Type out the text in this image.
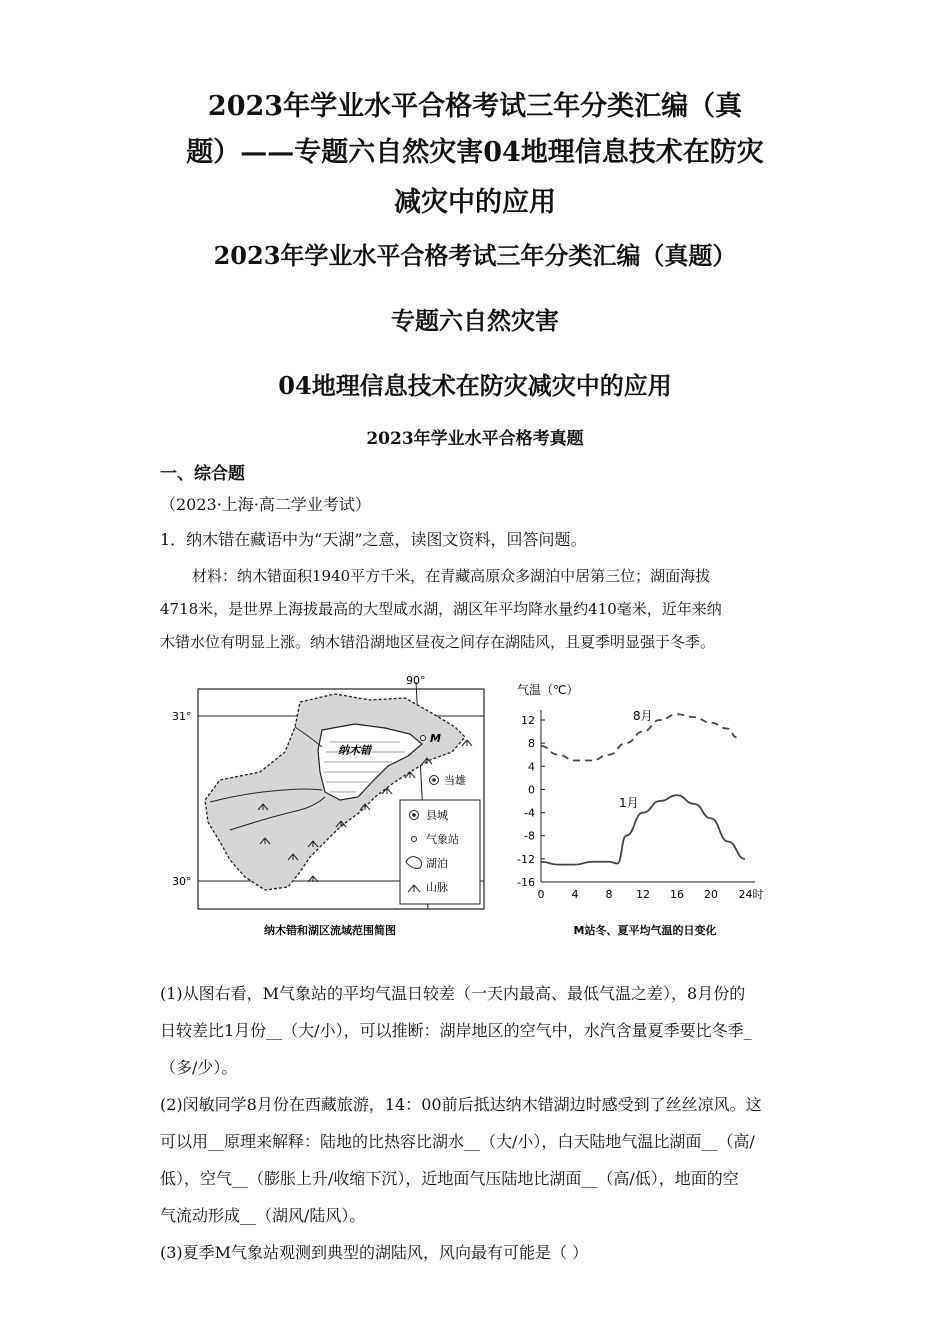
2023年学业水平合格考试三年分类汇编（真
题）——专题六自然灾害04地理信息技术在防灾
减灾中的应用
2023年学业水平合格考试三年分类汇编（真题）
专题六自然灾害
04地理信息技术在防灾减灾中的应用
2023年学业水平合格考真题
一、综合题
（2023·上海·高二学业考试）
1．纳木错在藏语中为“天湖”之意，读图文资料，回答问题。
材料：纳木错面积1940平方千米，在青藏高原众多湖泊中居第三位；湖面海拔
4718米，是世界上海拔最高的大型咸水湖，湖区年平均降水量约410毫米，近年来纳
木错水位有明显上涨。纳木错沿湖地区昼夜之间存在湖陆风，且夏季明显强于冬季。
31°
30°
90°
纳木错
M
当雄
县城
气象站
湖泊
山脉
纳木错和湖区流域范围简图
气温（℃）
12
8
4
0
-4
-8
-12
-16
0 4 8 12 16 20 24时
8月
1月
M站冬、夏平均气温的日变化
(1)从图右看，M气象站的平均气温日较差（一天内最高、最低气温之差），8月份的
日较差比1月份__（大/小），可以推断：湖岸地区的空气中，水汽含量夏季要比冬季_
（多/少）。
(2)闵敏同学8月份在西藏旅游，14：00前后抵达纳木错湖边时感受到了丝丝凉风。这
可以用__原理来解释：陆地的比热容比湖水__（大/小），白天陆地气温比湖面__（高/
低），空气__（膨胀上升/收缩下沉），近地面气压陆地比湖面__（高/低），地面的空
气流动形成__（湖风/陆风）。
(3)夏季M气象站观测到典型的湖陆风，风向最有可能是（ ）
